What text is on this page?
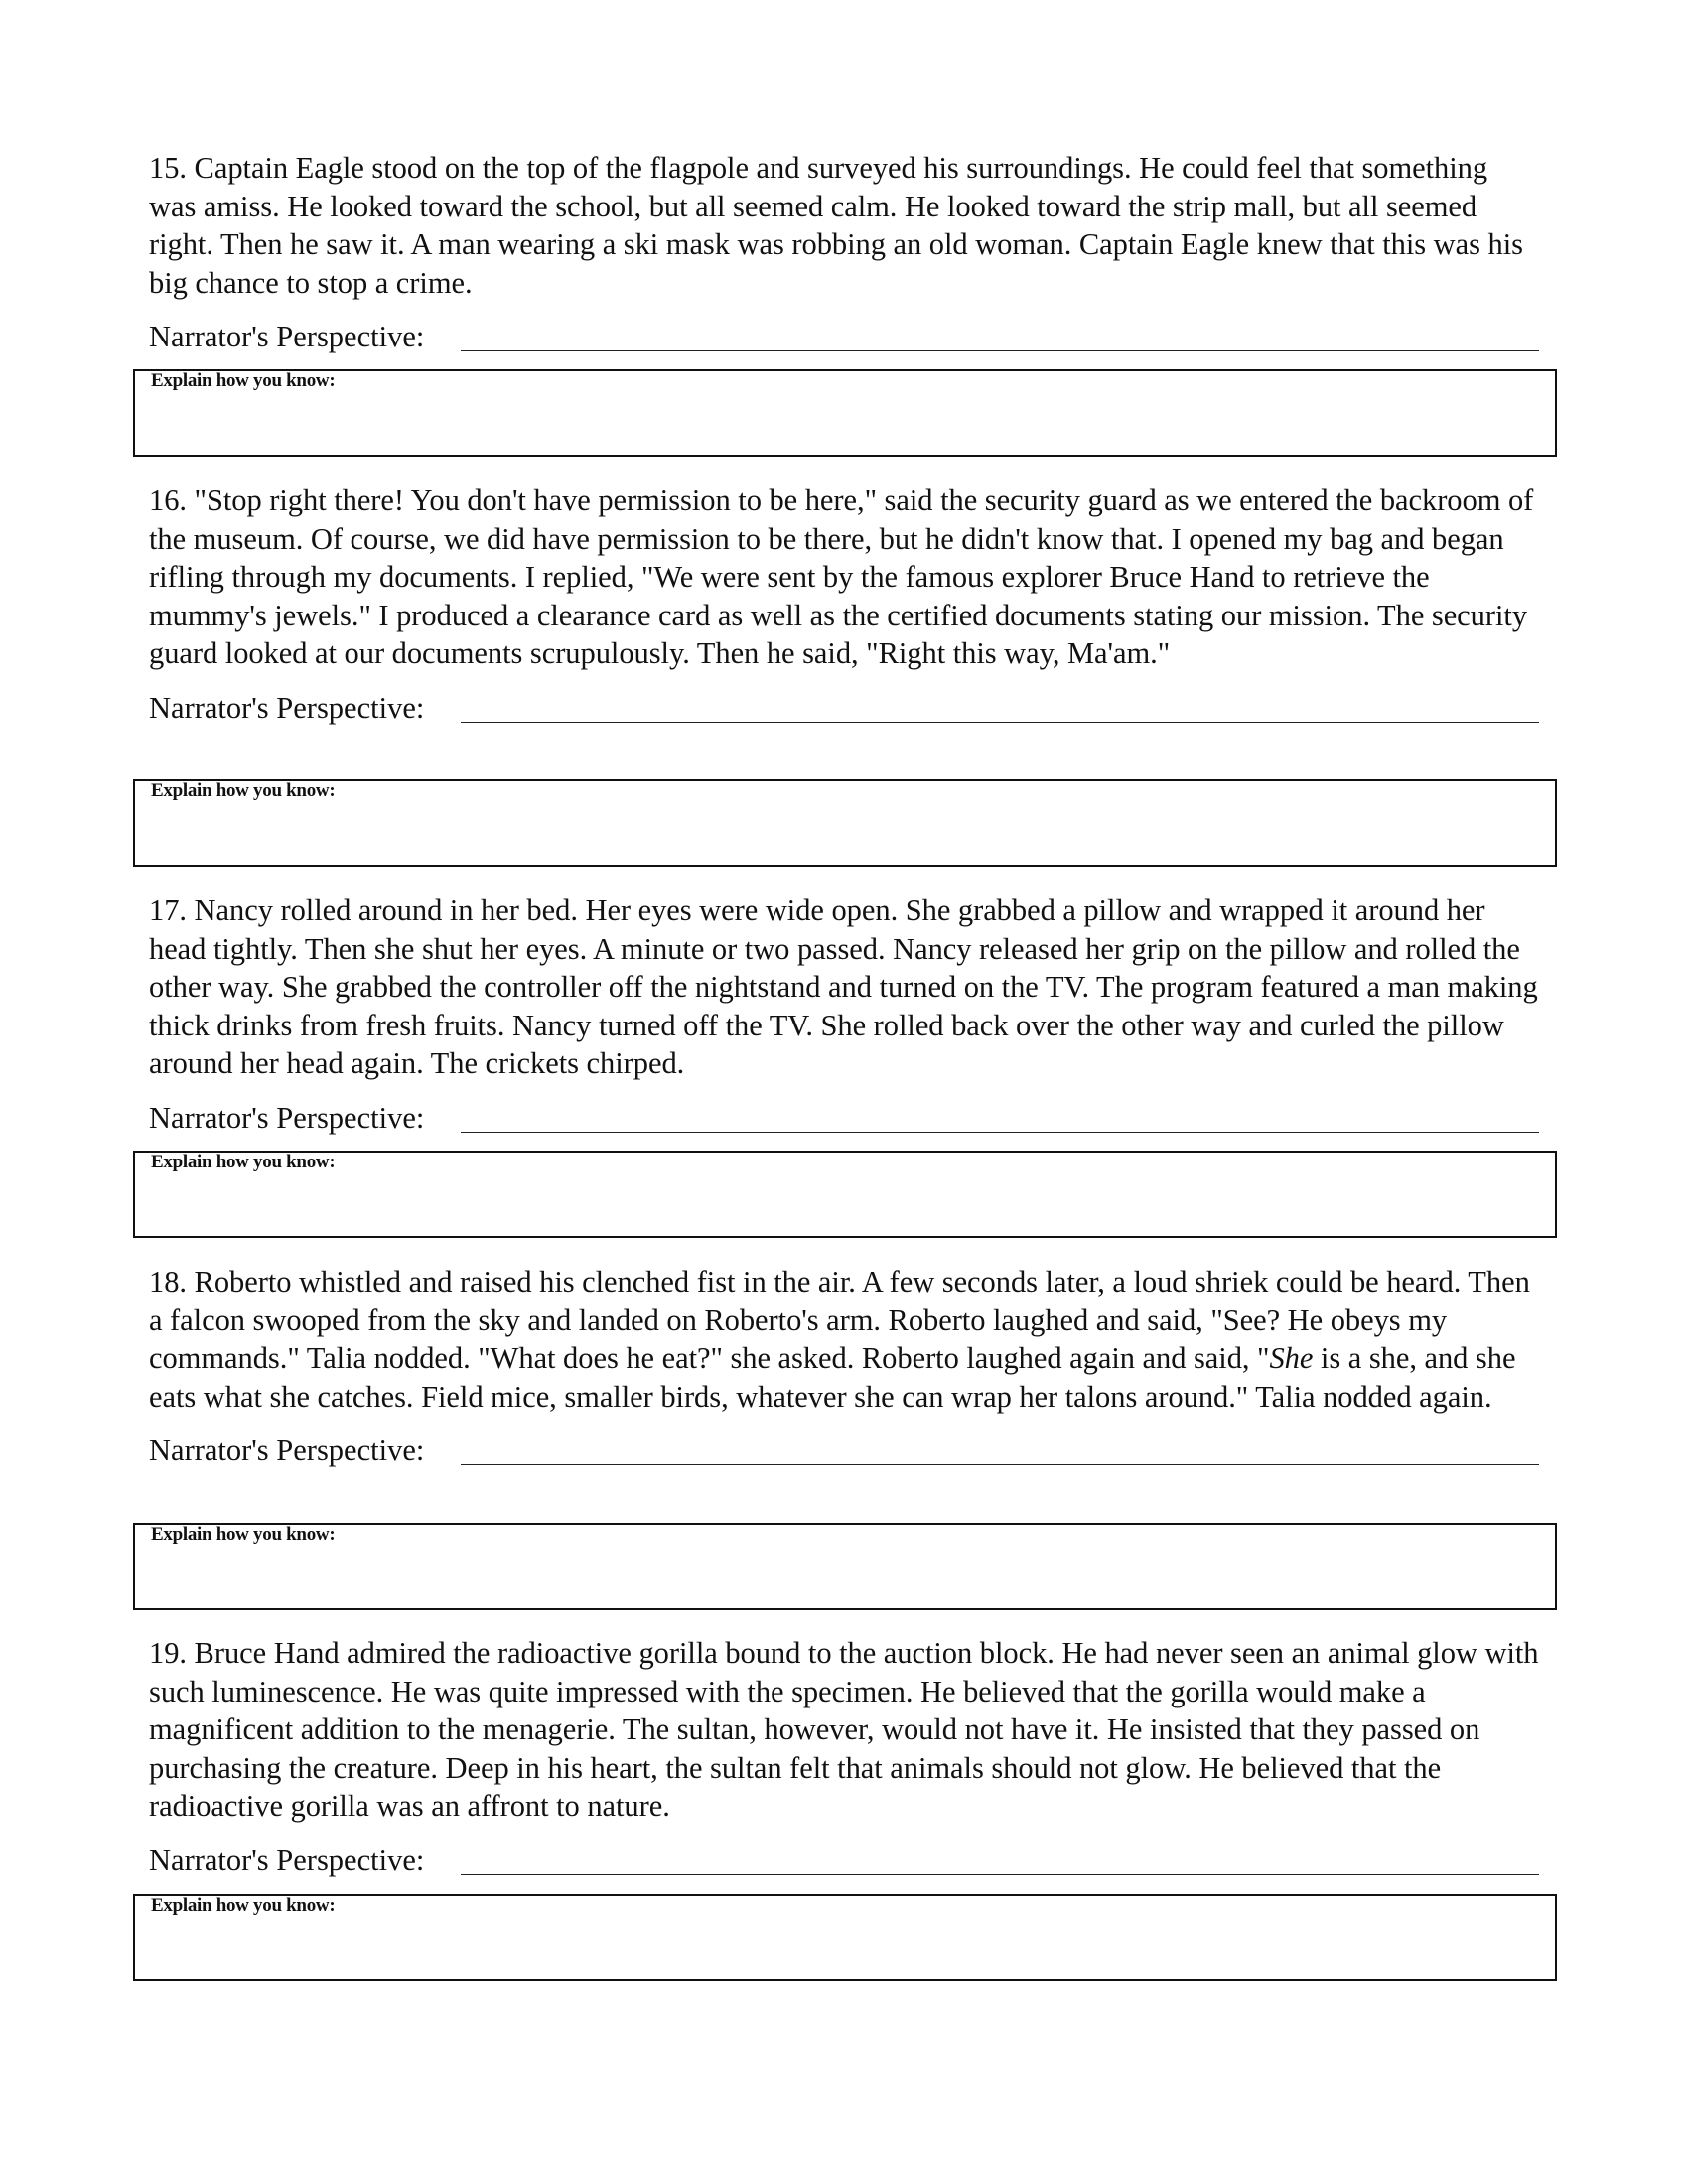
15. Captain Eagle stood on the top of the flagpole and surveyed his surroundings. He could feel that something was amiss. He looked toward the school, but all seemed calm. He looked toward the strip mall, but all seemed right. Then he saw it. A man wearing a ski mask was robbing an old woman. Captain Eagle knew that this was his big chance to stop a crime.

Narrator's Perspective:
Explain how you know:

16. "Stop right there! You don't have permission to be here," said the security guard as we entered the backroom of the museum. Of course, we did have permission to be there, but he didn't know that. I opened my bag and began rifling through my documents. I replied, "We were sent by the famous explorer Bruce Hand to retrieve the mummy's jewels." I produced a clearance card as well as the certified documents stating our mission. The security guard looked at our documents scrupulously. Then he said, "Right this way, Ma'am."

Narrator's Perspective:
Explain how you know:

17. Nancy rolled around in her bed. Her eyes were wide open. She grabbed a pillow and wrapped it around her head tightly. Then she shut her eyes. A minute or two passed. Nancy released her grip on the pillow and rolled the other way. She grabbed the controller off the nightstand and turned on the TV. The program featured a man making thick drinks from fresh fruits. Nancy turned off the TV. She rolled back over the other way and curled the pillow around her head again. The crickets chirped.

Narrator's Perspective:
Explain how you know:

18. Roberto whistled and raised his clenched fist in the air. A few seconds later, a loud shriek could be heard. Then a falcon swooped from the sky and landed on Roberto's arm. Roberto laughed and said, "See? He obeys my commands." Talia nodded. "What does he eat?" she asked. Roberto laughed again and said, "She is a she, and she eats what she catches. Field mice, smaller birds, whatever she can wrap her talons around." Talia nodded again.

Narrator's Perspective:
Explain how you know:

19. Bruce Hand admired the radioactive gorilla bound to the auction block. He had never seen an animal glow with such luminescence. He was quite impressed with the specimen. He believed that the gorilla would make a magnificent addition to the menagerie. The sultan, however, would not have it. He insisted that they passed on purchasing the creature. Deep in his heart, the sultan felt that animals should not glow. He believed that the radioactive gorilla was an affront to nature.

Narrator's Perspective:
Explain how you know:
